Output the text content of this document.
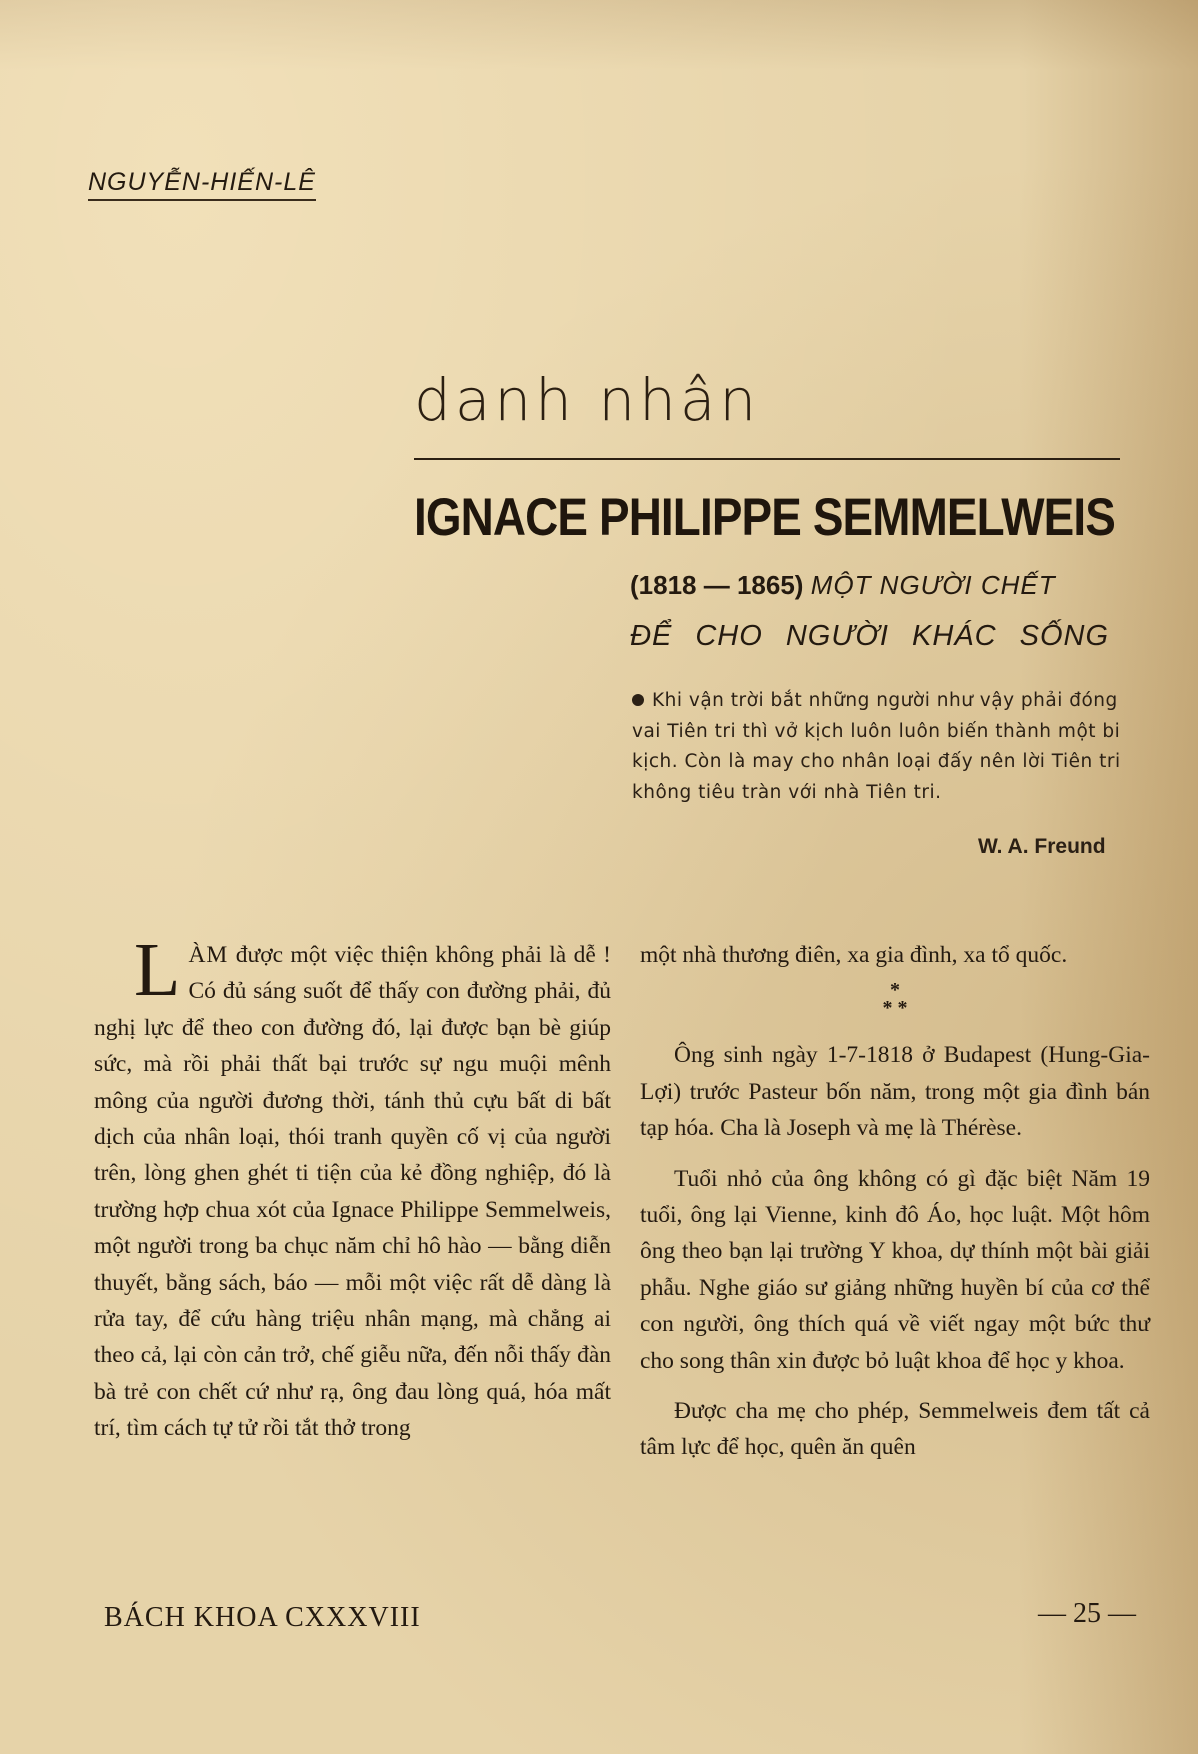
NGUYỄN-HIẾN-LÊ
danh nhân
IGNACE PHILIPPE SEMMELWEIS
(1818 — 1865) MỘT NGƯỜI CHẾT
ĐỂ CHO NGƯỜI KHÁC SỐNG
Khi vận trời bắt những người như vậy phải đóng vai Tiên tri thì vở kịch luôn luôn biến thành một bi kịch. Còn là may cho nhân loại đấy nên lời Tiên tri không tiêu tràn với nhà Tiên tri.
W. A. Freund

LÀM được một việc thiện không phải là dễ ! Có đủ sáng suốt để thấy con đường phải, đủ nghị lực để theo con đường đó, lại được bạn bè giúp sức, mà rồi phải thất bại trước sự ngu muội mênh mông của người đương thời, tánh thủ cựu bất di bất dịch của nhân loại, thói tranh quyền cố vị của người trên, lòng ghen ghét ti tiện của kẻ đồng nghiệp, đó là trường hợp chua xót của Ignace Philippe Semmelweis, một người trong ba chục năm chỉ hô hào — bằng diễn thuyết, bằng sách, báo — mỗi một việc rất dễ dàng là rửa tay, để cứu hàng triệu nhân mạng, mà chẳng ai theo cả, lại còn cản trở, chế giễu nữa, đến nỗi thấy đàn bà trẻ con chết cứ như rạ, ông đau lòng quá, hóa mất trí, tìm cách tự tử rồi tắt thở trong

một nhà thương điên, xa gia đình, xa tổ quốc.

*
* *

Ông sinh ngày 1-7-1818 ở Budapest (Hung-Gia-Lợi) trước Pasteur bốn năm, trong một gia đình bán tạp hóa. Cha là Joseph và mẹ là Thérèse.

Tuổi nhỏ của ông không có gì đặc biệt Năm 19 tuổi, ông lại Vienne, kinh đô Áo, học luật. Một hôm ông theo bạn lại trường Y khoa, dự thính một bài giải phẫu. Nghe giáo sư giảng những huyền bí của cơ thể con người, ông thích quá về viết ngay một bức thư cho song thân xin được bỏ luật khoa để học y khoa.

Được cha mẹ cho phép, Semmelweis đem tất cả tâm lực để học, quên ăn quên

BÁCH KHOA CXXXVIII	— 25 —
